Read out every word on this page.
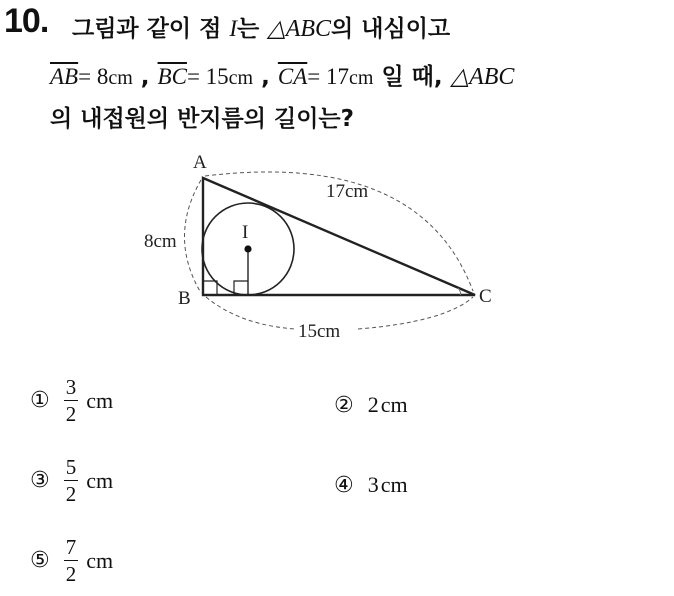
10. 그림과 같이 점 I는 △ABC의 내심이고
$\overline{AB}= 8cm$ , $\overline{BC}= 15cm$ , $\overline{CA}= 17cm$ 일 때, △ABC
의 내접원의 반지름의 길이는?
A
B	C
I
8cm
17cm
15cm
① $\frac{3}{2}$ cm	② 2 cm
③ $\frac{5}{2}$ cm	④ 3 cm
⑤ $\frac{7}{2}$ cm
